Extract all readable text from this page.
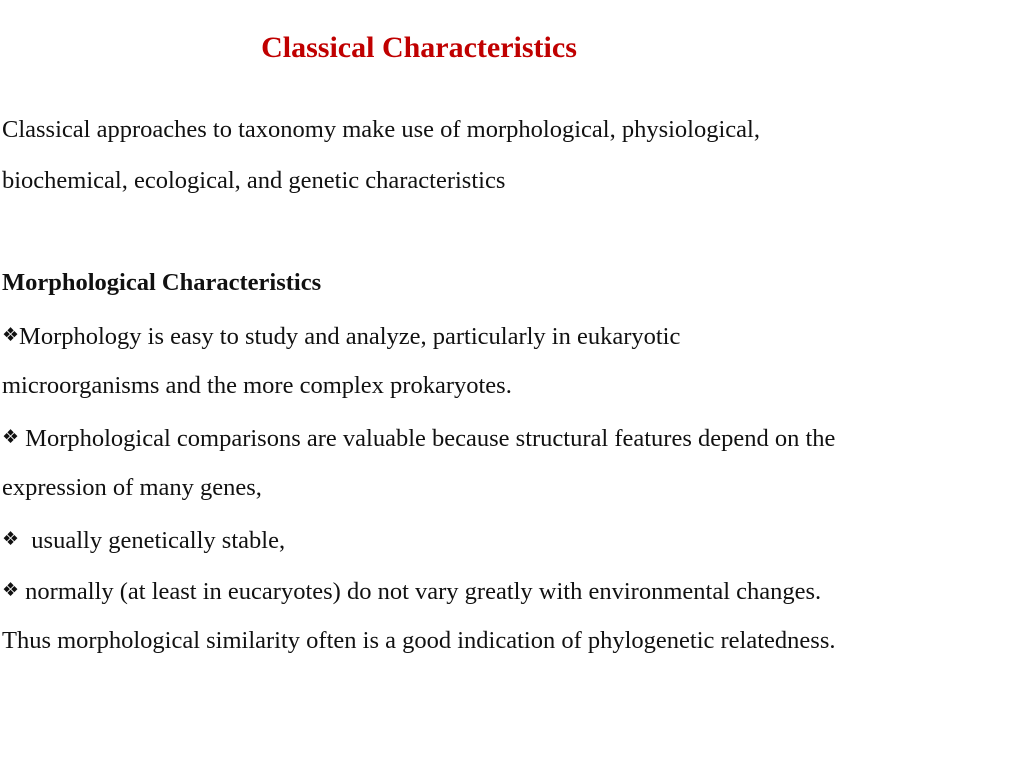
Classical Characteristics
Classical approaches to taxonomy make use of morphological, physiological,
biochemical, ecological, and genetic characteristics
Morphological Characteristics
❖Morphology is easy to study and analyze, particularly in eukaryotic
microorganisms and the more complex prokaryotes.
❖ Morphological comparisons are valuable because structural features depend on the
expression of many genes,
❖  usually genetically stable,
❖ normally (at least in eucaryotes) do not vary greatly with environmental changes.
Thus morphological similarity often is a good indication of phylogenetic relatedness.
